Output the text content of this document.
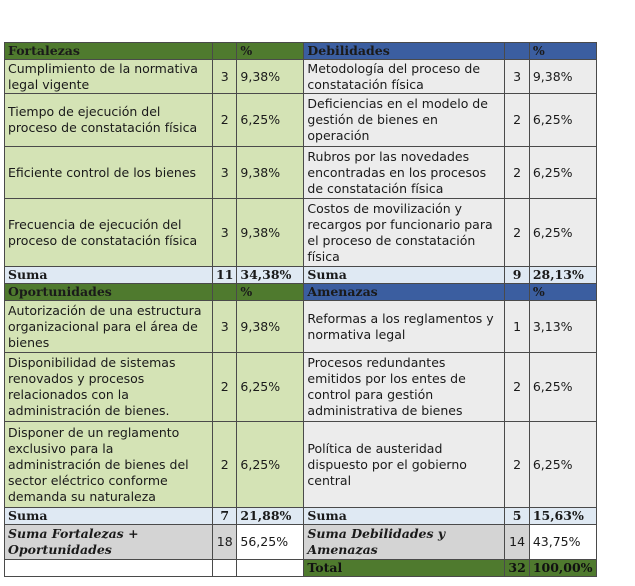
Fortalezas		%	Debilidades		%
Cumplimiento de la normativa legal vigente	3	9,38%	Metodología del proceso de constatación física	3	9,38%
Tiempo de ejecución del proceso de constatación física	2	6,25%	Deficiencias en el modelo de gestión de bienes en operación	2	6,25%
Eficiente control de los bienes	3	9,38%	Rubros por las novedades encontradas en los procesos de constatación física	2	6,25%
Frecuencia de ejecución del proceso de constatación física	3	9,38%	Costos de movilización y recargos por funcionario para el proceso de constatación física	2	6,25%
Suma	11	34,38%	Suma	9	28,13%
Oportunidades		%	Amenazas		%
Autorización de una estructura organizacional para el área de bienes	3	9,38%	Reformas a los reglamentos y normativa legal	1	3,13%
Disponibilidad de sistemas renovados y procesos relacionados con la administración de bienes.	2	6,25%	Procesos redundantes emitidos por los entes de control para gestión administrativa de bienes	2	6,25%
Disponer de un reglamento exclusivo para la administración de bienes del sector eléctrico conforme demanda su naturaleza	2	6,25%	Política de austeridad dispuesto por el gobierno central	2	6,25%
Suma	7	21,88%	Suma	5	15,63%
Suma Fortalezas + Oportunidades	18	56,25%	Suma Debilidades y Amenazas	14	43,75%
			Total	32	100,00%
